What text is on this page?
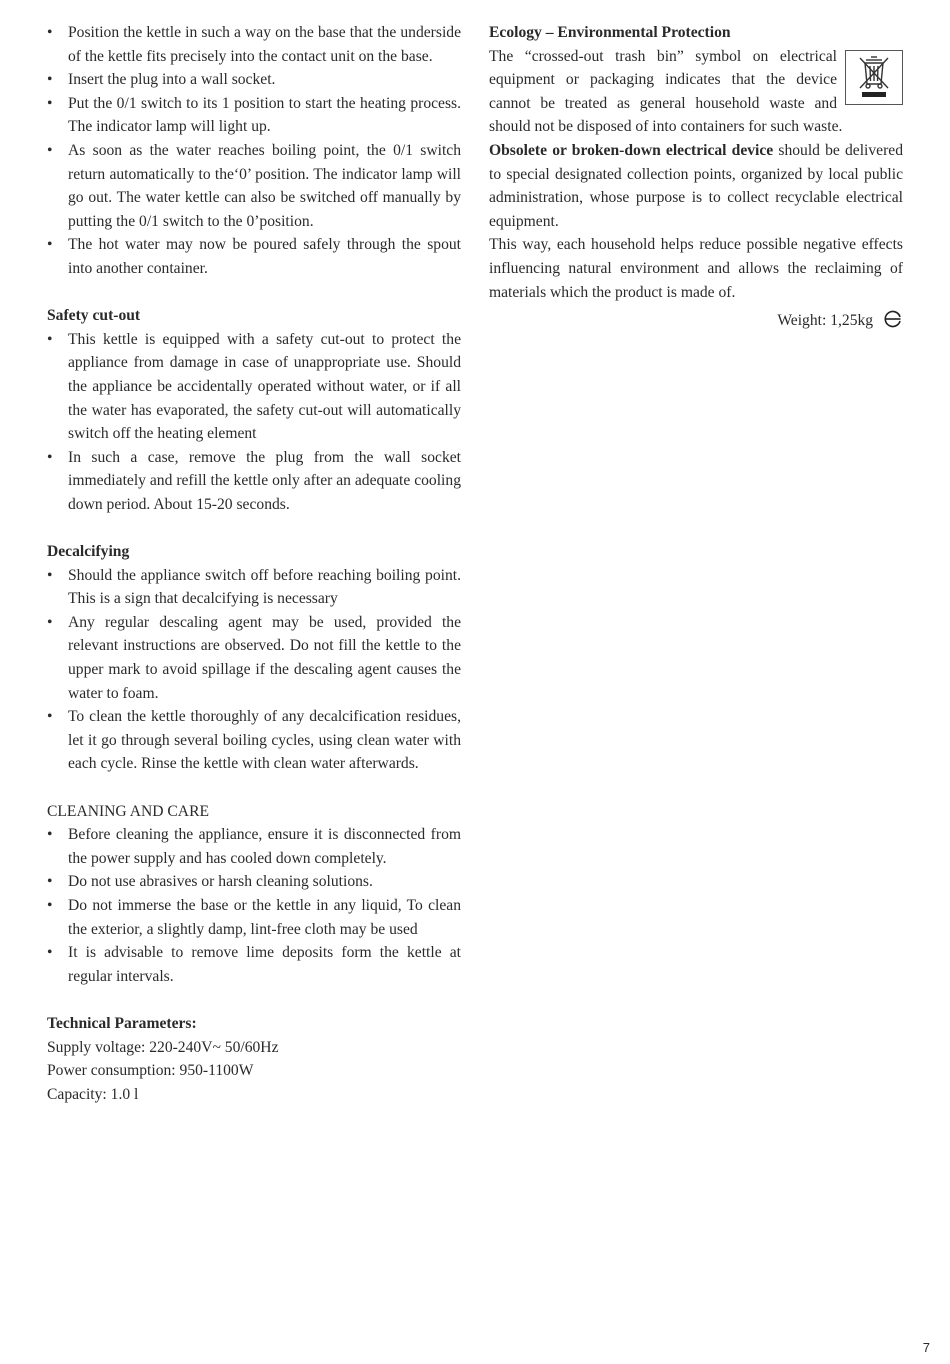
• Position the kettle in such a way on the base that the underside of the kettle fits precisely into the contact unit on the base.
• Insert the plug into a wall socket.
• Put the 0/1 switch to its 1 position to start the heating process. The indicator lamp will light up.
• As soon as the water reaches boiling point, the 0/1 switch return automatically to the‘0’ position. The indicator lamp will go out. The water kettle can also be switched off manually by putting the 0/1 switch to the 0’position.
• The hot water may now be poured safely through the spout into another container.

Safety cut-out

• This kettle is equipped with a safety cut-out to protect the appliance from damage in case of unappropriate use. Should the appliance be accidentally operated without water, or if all the water has evaporated, the safety cut-out will automatically switch off the heating element
• In such a case, remove the plug from the wall socket immediately and refill the kettle only after an adequate cooling down period. About 15-20 seconds.

Decalcifying

• Should the appliance switch off before reaching boiling point. This is a sign that decalcifying is necessary
• Any regular descaling agent may be used, provided the relevant instructions are observed. Do not fill the kettle to the upper mark to avoid spillage if the descaling agent causes the water to foam.
• To clean the kettle thoroughly of any decalcification residues, let it go through several boiling cycles, using clean water with each cycle. Rinse the kettle with clean water afterwards.

CLEANING AND CARE

• Before cleaning the appliance, ensure it is disconnected from the power supply and has cooled down completely.
• Do not use abrasives or harsh cleaning solutions.
• Do not immerse the base or the kettle in any liquid, To clean the exterior, a slightly damp, lint-free cloth may be used
• It is advisable to remove lime deposits form the kettle at regular intervals.

Technical Parameters:

Supply voltage: 220-240V~ 50/60Hz

Power consumption: 950-1100W

Capacity: 1.0 l

Ecology – Environmental Protection

The “crossed-out trash bin” symbol on electrical equipment or packaging indicates that the device cannot be treated as general household waste and should not be disposed of into containers for such waste.

Obsolete or broken-down electrical device should be delivered to special designated collection points, organized by local public administration, whose purpose is to collect recyclable electrical equipment.

This way, each household helps reduce possible negative effects influencing natural environment and allows the reclaiming of materials which the product is made of.

Weight: 1,25kg
7
